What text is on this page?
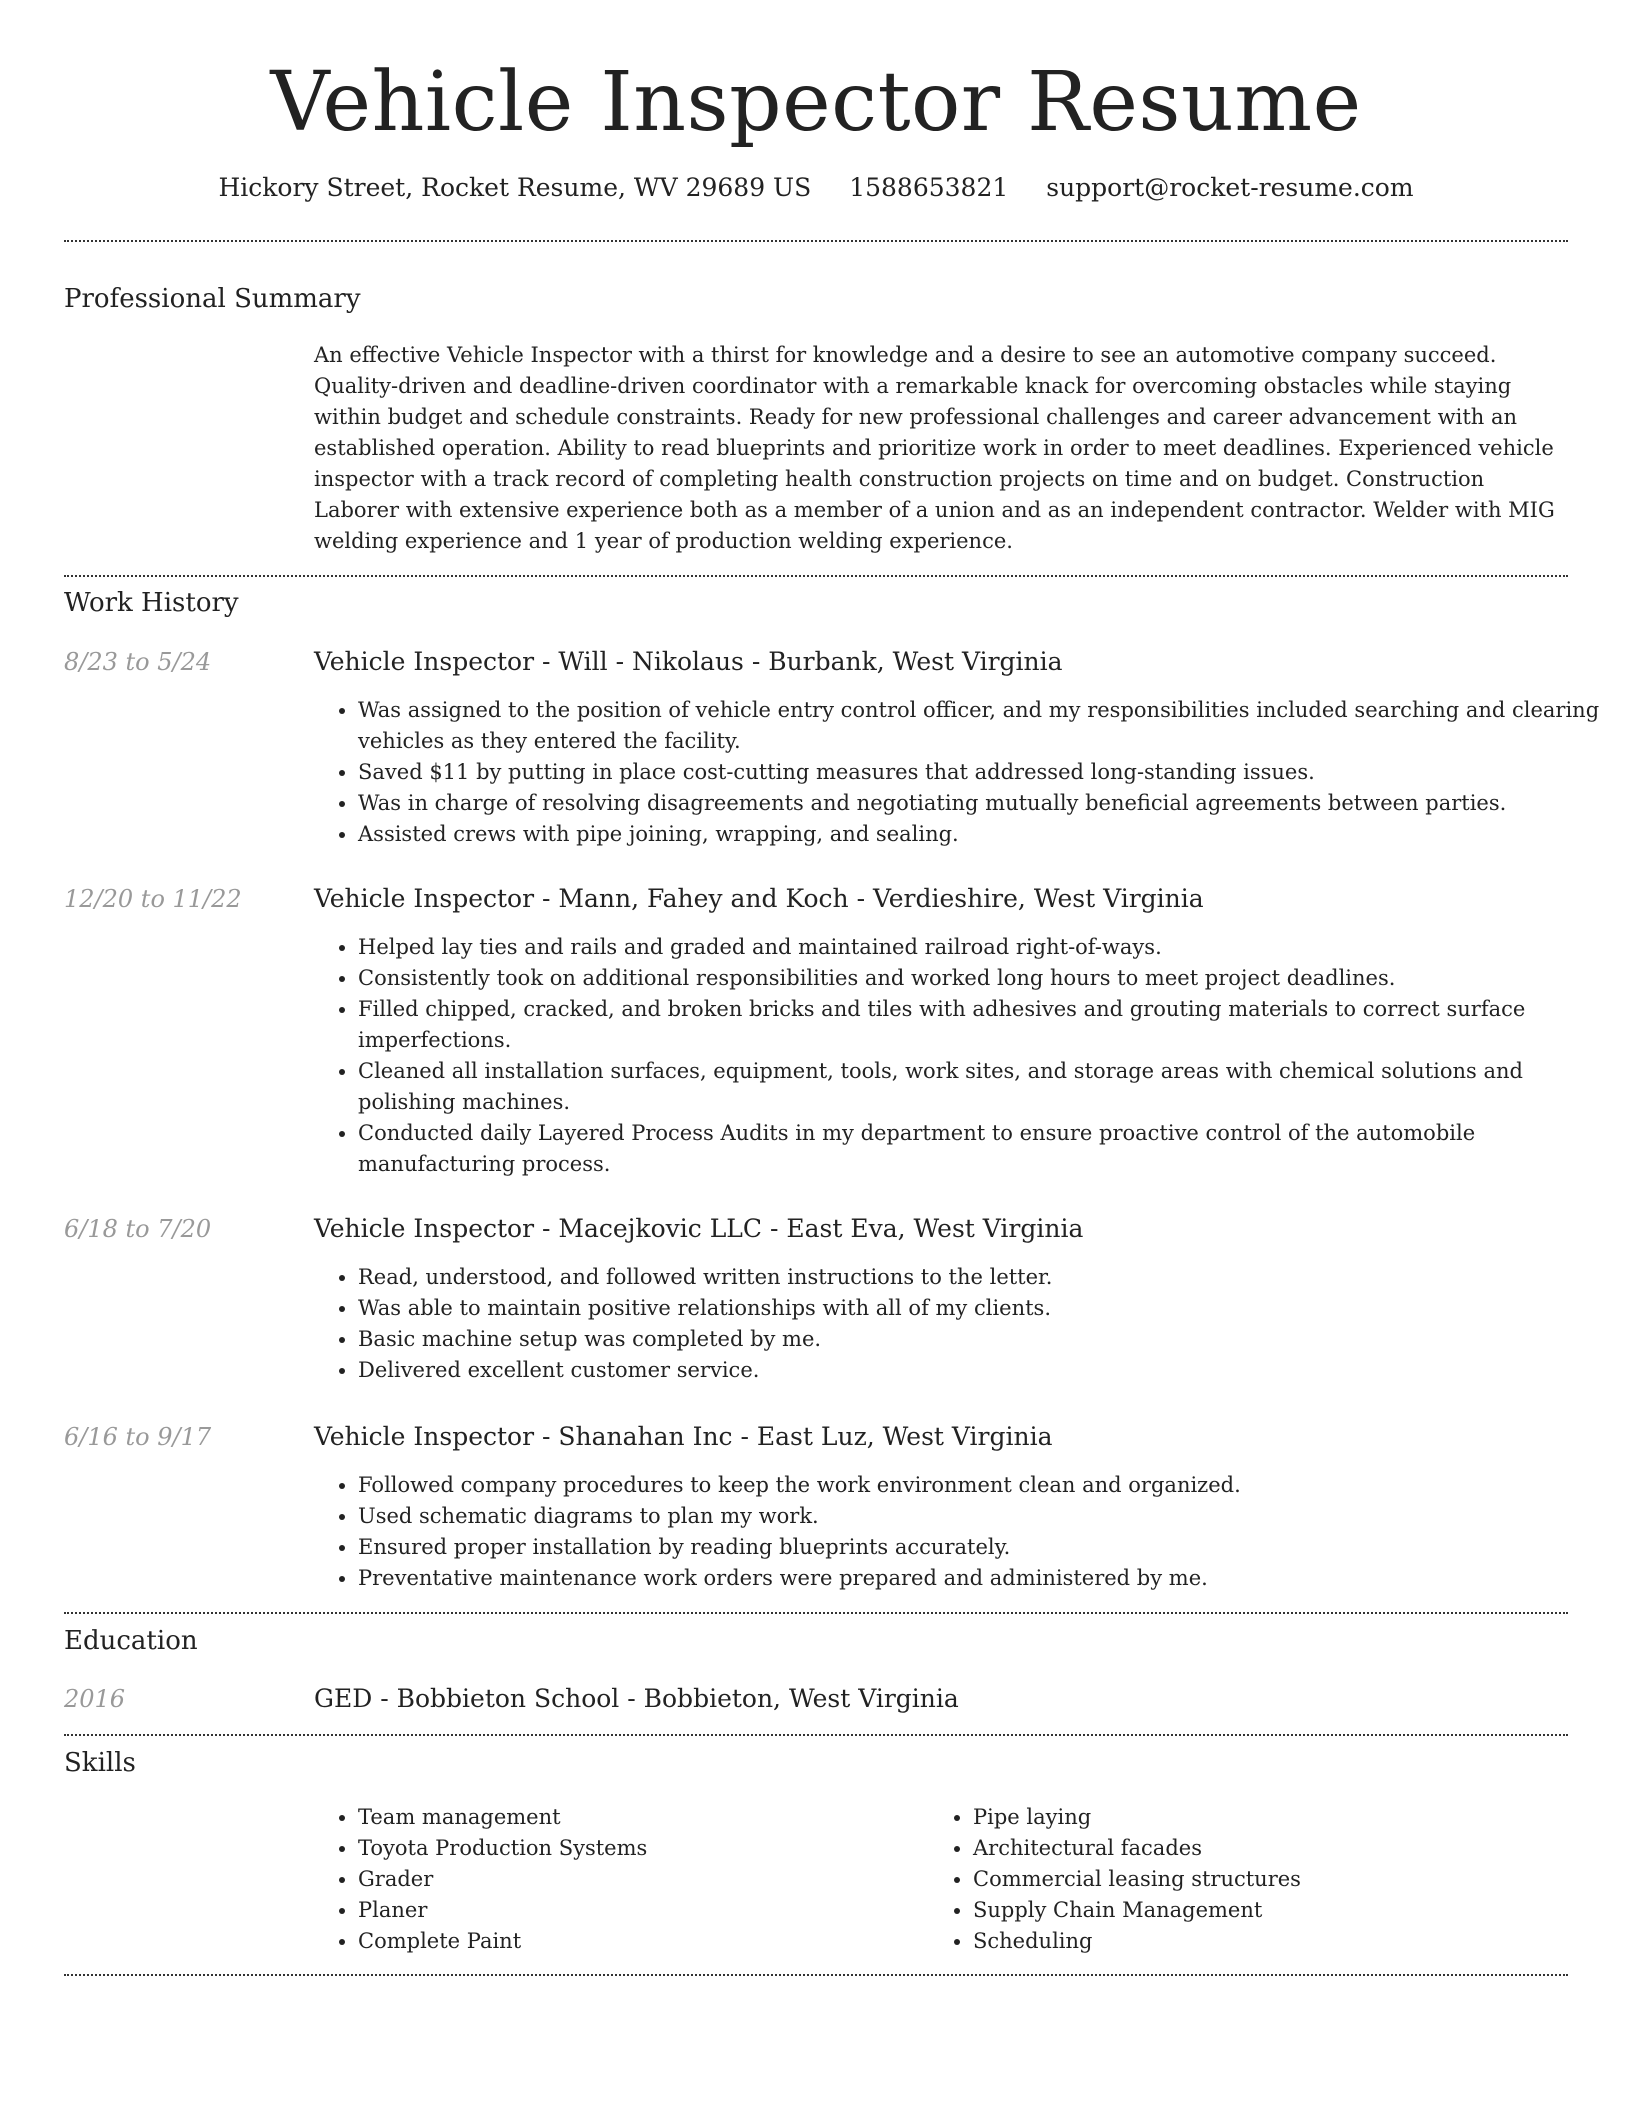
Vehicle Inspector Resume
Hickory Street, Rocket Resume, WV 29689 US 1588653821 support@rocket-resume.com
Professional Summary

An effective Vehicle Inspector with a thirst for knowledge and a desire to see an automotive company succeed. Quality-driven and deadline-driven coordinator with a remarkable knack for overcoming obstacles while staying within budget and schedule constraints. Ready for new professional challenges and career advancement with an established operation. Ability to read blueprints and prioritize work in order to meet deadlines. Experienced vehicle inspector with a track record of completing health construction projects on time and on budget. Construction Laborer with extensive experience both as a member of a union and as an independent contractor. Welder with MIG welding experience and 1 year of production welding experience.

Work History
8/23 to 5/24	Vehicle Inspector - Will - Nikolaus - Burbank, West Virginia
• Was assigned to the position of vehicle entry control officer, and my responsibilities included searching and clearing vehicles as they entered the facility.
• Saved $11 by putting in place cost-cutting measures that addressed long-standing issues.
• Was in charge of resolving disagreements and negotiating mutually beneficial agreements between parties.
• Assisted crews with pipe joining, wrapping, and sealing.
12/20 to 11/22	Vehicle Inspector - Mann, Fahey and Koch - Verdieshire, West Virginia
• Helped lay ties and rails and graded and maintained railroad right-of-ways.
• Consistently took on additional responsibilities and worked long hours to meet project deadlines.
• Filled chipped, cracked, and broken bricks and tiles with adhesives and grouting materials to correct surface imperfections.
• Cleaned all installation surfaces, equipment, tools, work sites, and storage areas with chemical solutions and polishing machines.
• Conducted daily Layered Process Audits in my department to ensure proactive control of the automobile manufacturing process.
6/18 to 7/20	Vehicle Inspector - Macejkovic LLC - East Eva, West Virginia
• Read, understood, and followed written instructions to the letter.
• Was able to maintain positive relationships with all of my clients.
• Basic machine setup was completed by me.
• Delivered excellent customer service.
6/16 to 9/17	Vehicle Inspector - Shanahan Inc - East Luz, West Virginia
• Followed company procedures to keep the work environment clean and organized.
• Used schematic diagrams to plan my work.
• Ensured proper installation by reading blueprints accurately.
• Preventative maintenance work orders were prepared and administered by me.
Education
2016	GED - Bobbieton School - Bobbieton, West Virginia
Skills
• Team management
• Toyota Production Systems
• Grader
• Planer
• Complete Paint
• Pipe laying
• Architectural facades
• Commercial leasing structures
• Supply Chain Management
• Scheduling
